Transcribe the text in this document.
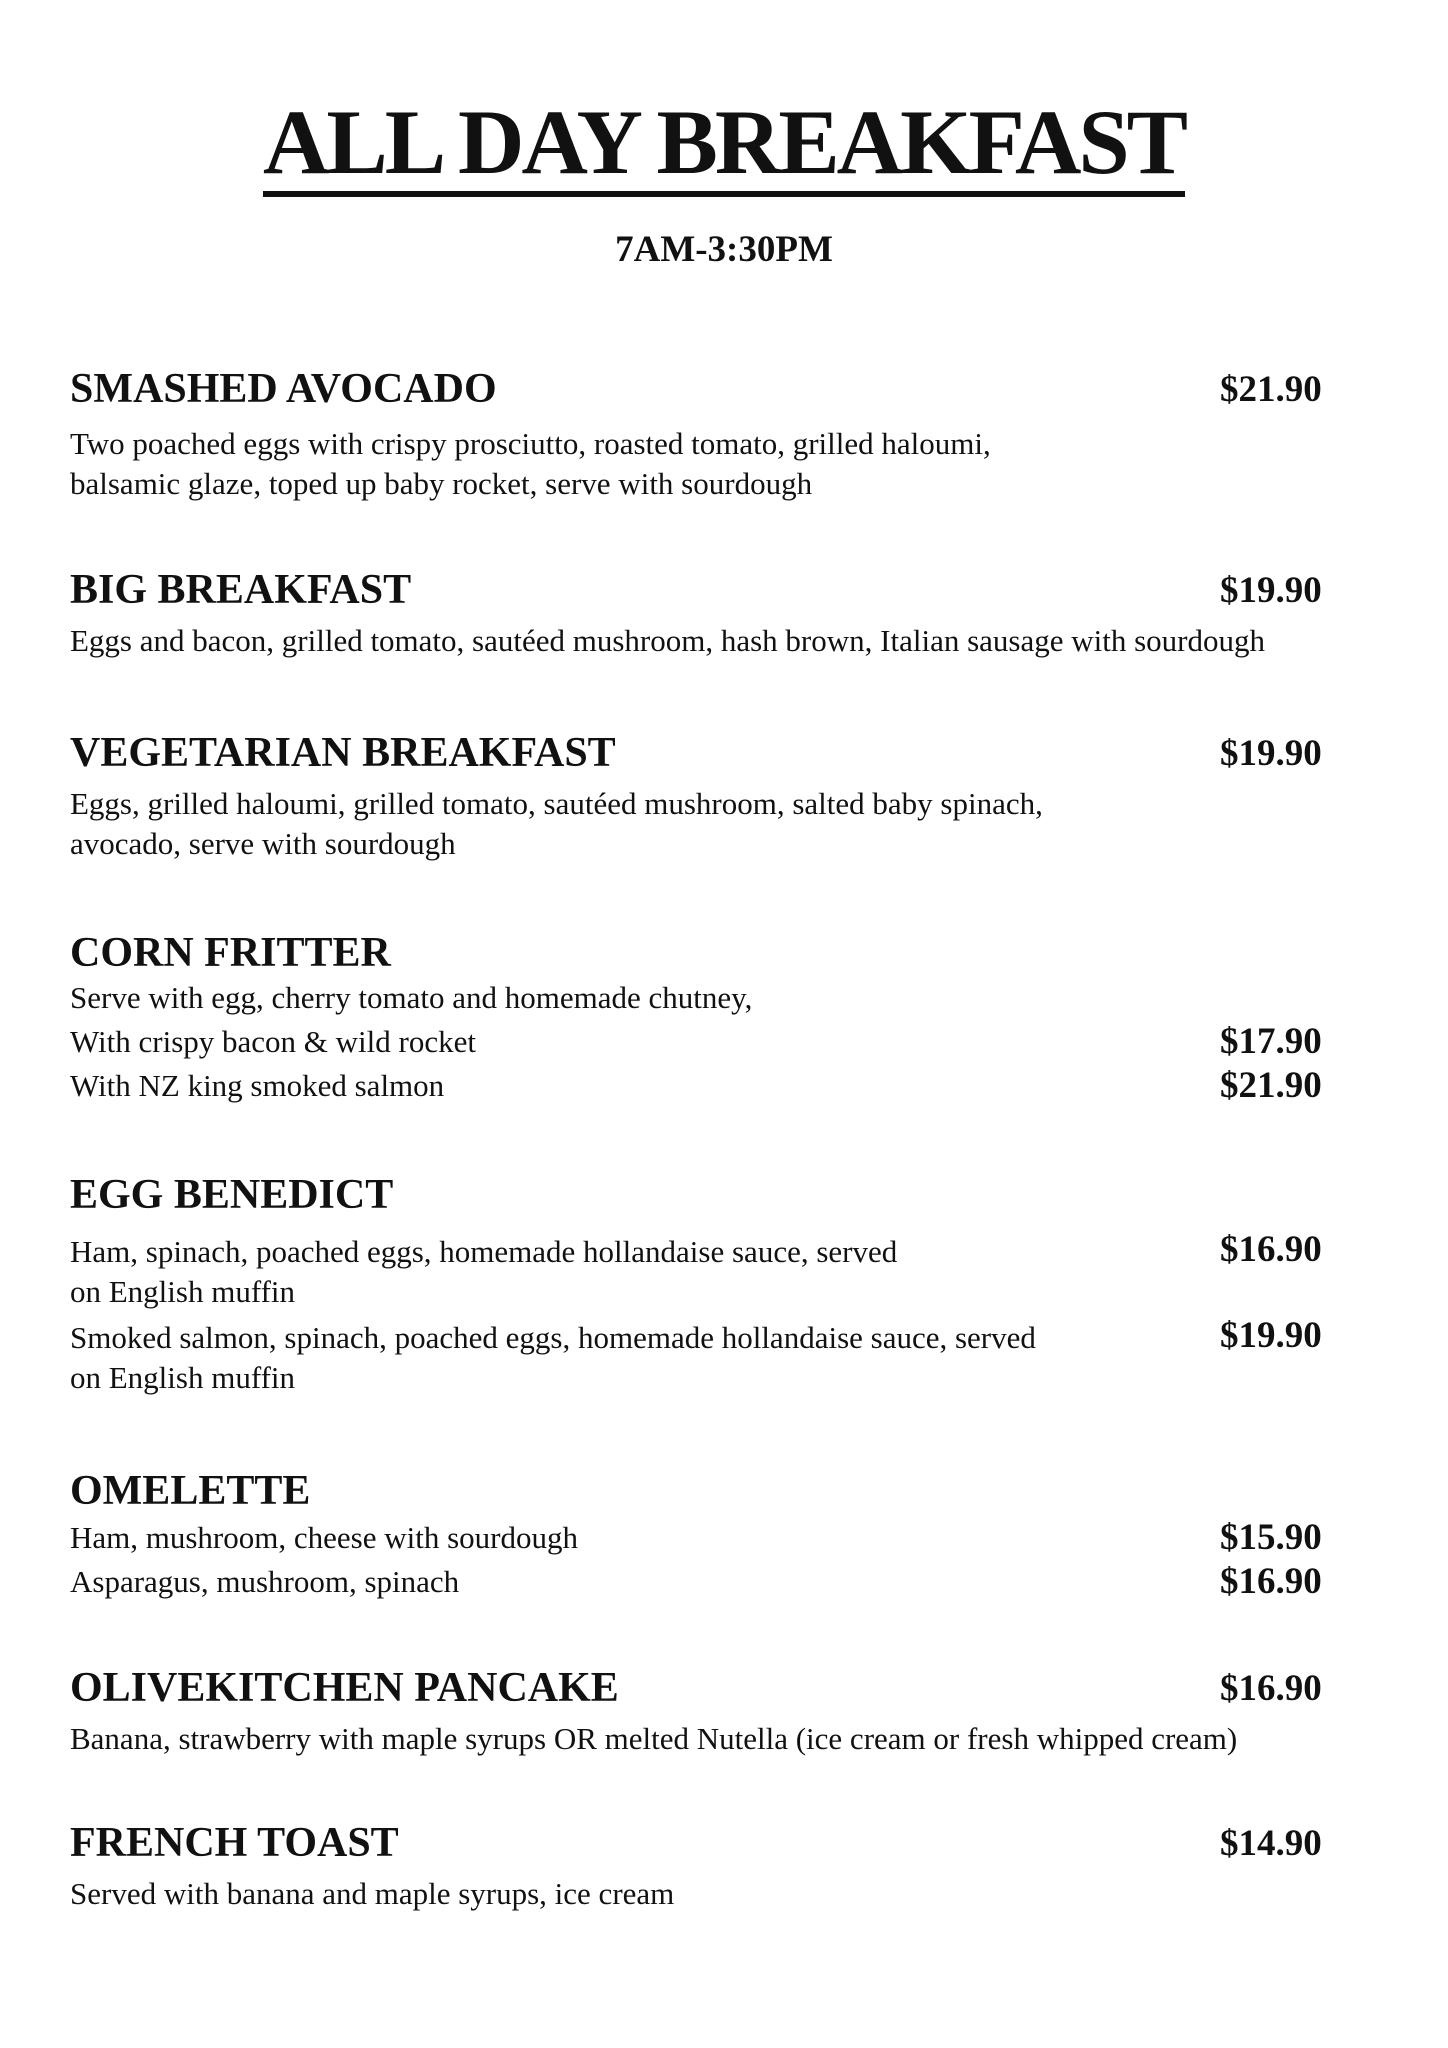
ALL DAY BREAKFAST
7AM-3:30PM
SMASHED AVOCADO	$21.90
Two poached eggs with crispy prosciutto, roasted tomato, grilled haloumi,
balsamic glaze, toped up baby rocket, serve with sourdough
BIG BREAKFAST	$19.90
Eggs and bacon, grilled tomato, sautéed mushroom, hash brown, Italian sausage with sourdough
VEGETARIAN BREAKFAST	$19.90
Eggs, grilled haloumi, grilled tomato, sautéed mushroom, salted baby spinach,
avocado, serve with sourdough
CORN FRITTER
Serve with egg, cherry tomato and homemade chutney,
With crispy bacon & wild rocket	$17.90
With NZ king smoked salmon	$21.90
EGG BENEDICT
Ham, spinach, poached eggs, homemade hollandaise sauce, served
on English muffin
$16.90
Smoked salmon, spinach, poached eggs, homemade hollandaise sauce, served
on English muffin
$19.90
OMELETTE
Ham, mushroom, cheese with sourdough	$15.90
Asparagus, mushroom, spinach	$16.90
OLIVEKITCHEN PANCAKE	$16.90
Banana, strawberry with maple syrups OR melted Nutella (ice cream or fresh whipped cream)
FRENCH TOAST	$14.90
Served with banana and maple syrups, ice cream
